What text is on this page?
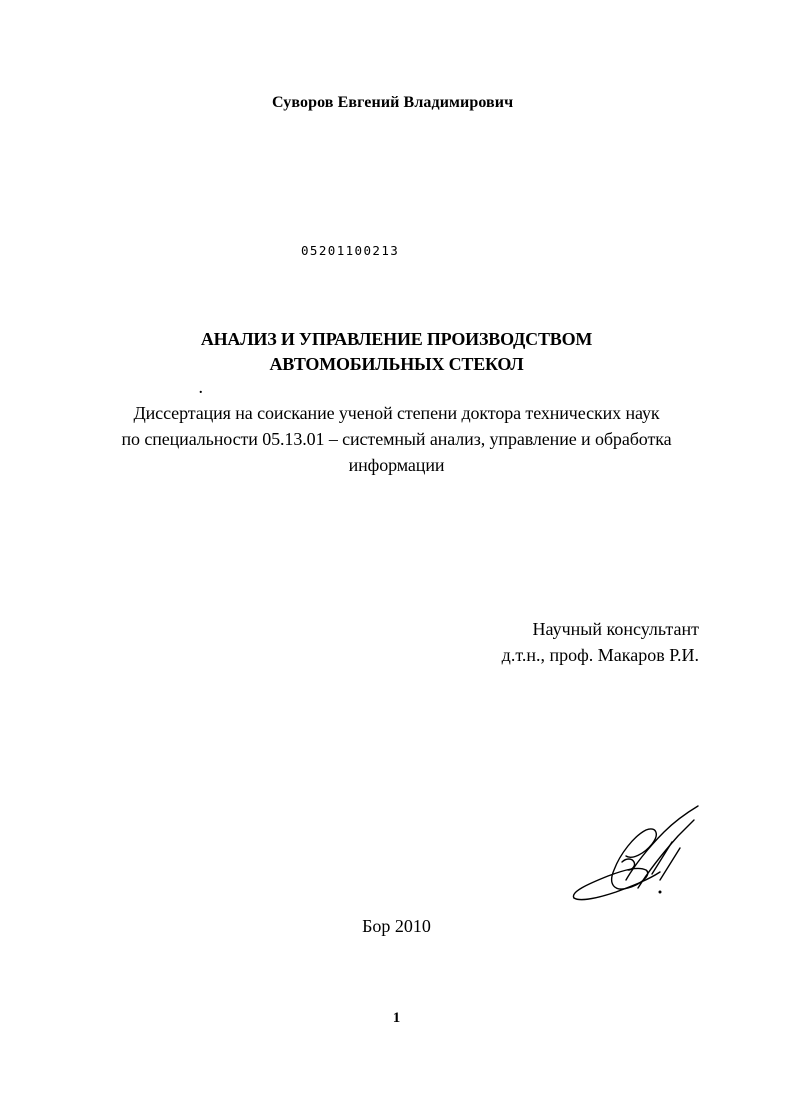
Суворов Евгений Владимирович
05201100213
АНАЛИЗ И УПРАВЛЕНИЕ ПРОИЗВОДСТВОМ
АВТОМОБИЛЬНЫХ СТЕКОЛ
.
Диссертация на соискание ученой степени доктора технических наук
по специальности 05.13.01 – системный анализ, управление и обработка
информации
Научный консультант
д.т.н., проф. Макаров Р.И.
Бор 2010
1
